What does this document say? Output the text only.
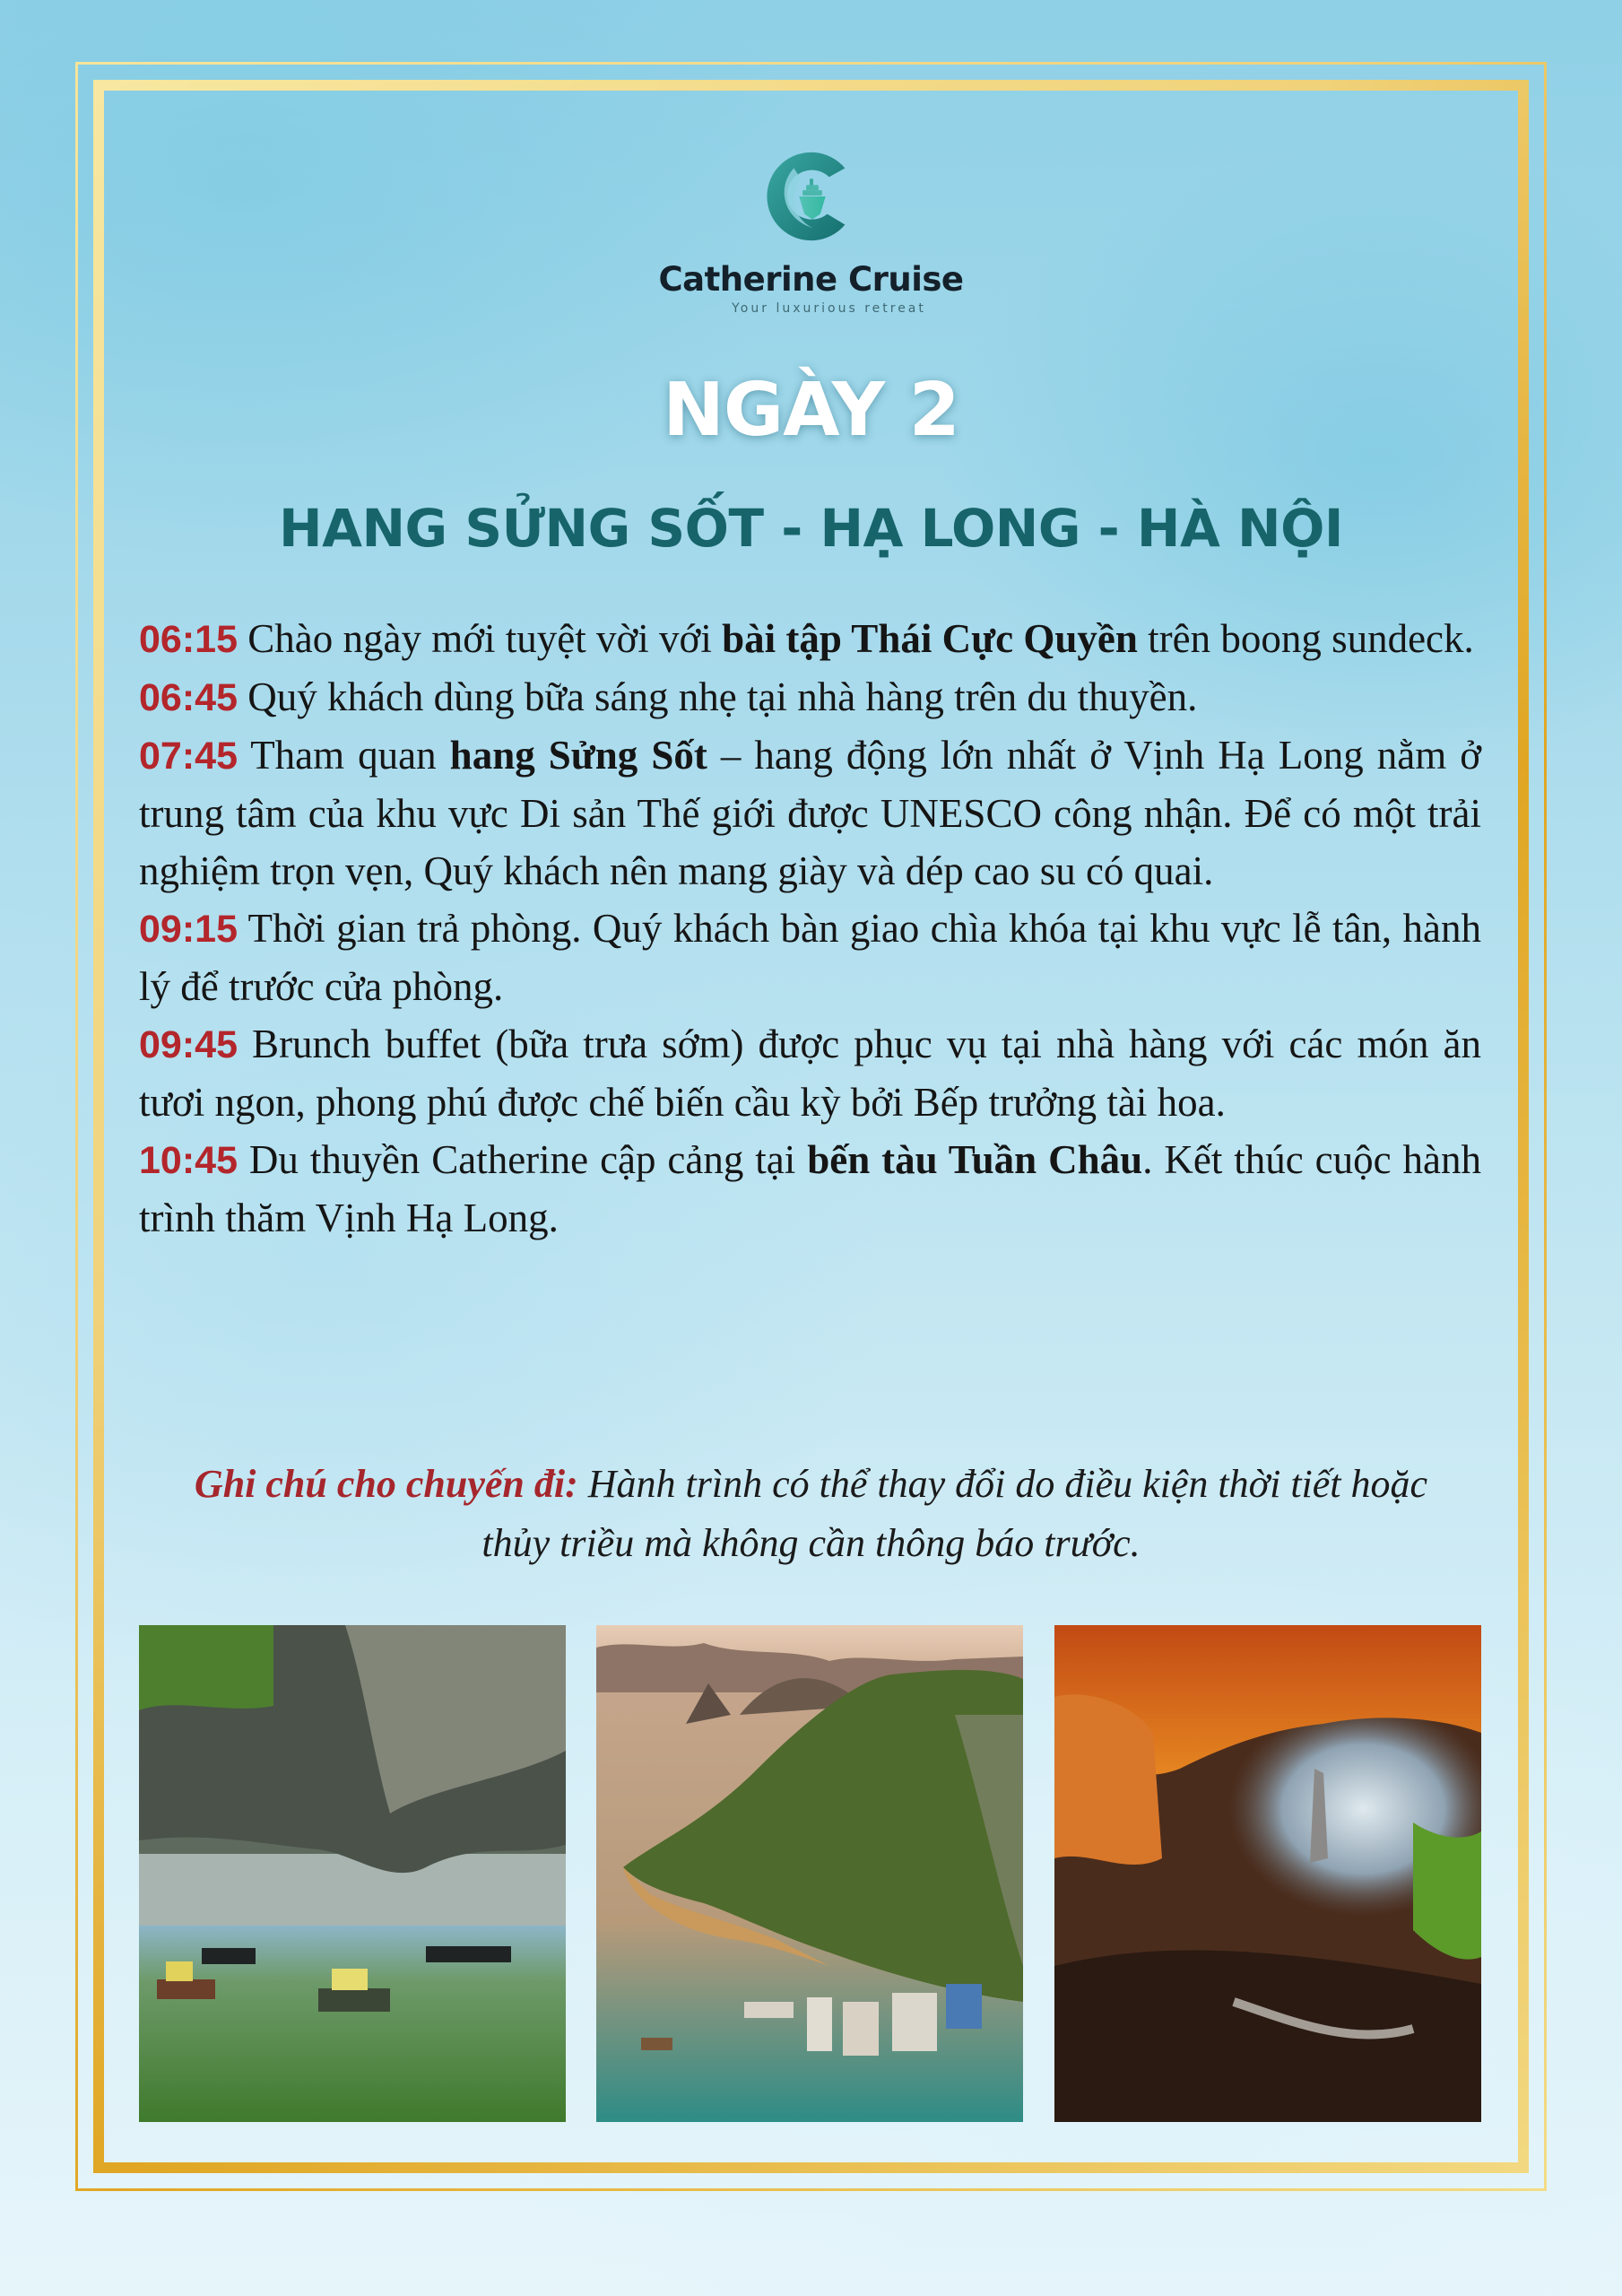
Catherine Cruise
Your luxurious retreat
NGÀY 2
HANG SỬNG SỐT - HẠ LONG - HÀ NỘI

06:15 Chào ngày mới tuyệt vời với bài tập Thái Cực Quyền trên boong sundeck.

06:45 Quý khách dùng bữa sáng nhẹ tại nhà hàng trên du thuyền.

07:45 Tham quan hang Sửng Sốt – hang động lớn nhất ở Vịnh Hạ Long nằm ở trung tâm của khu vực Di sản Thế giới được UNESCO công nhận. Để có một trải nghiệm trọn vẹn, Quý khách nên mang giày và dép cao su có quai.

09:15 Thời gian trả phòng. Quý khách bàn giao chìa khóa tại khu vực lễ tân, hành lý để trước cửa phòng.

09:45 Brunch buffet (bữa trưa sớm) được phục vụ tại nhà hàng với các món ăn tươi ngon, phong phú được chế biến cầu kỳ bởi Bếp trưởng tài hoa.

10:45 Du thuyền Catherine cập cảng tại bến tàu Tuần Châu. Kết thúc cuộc hành trình thăm Vịnh Hạ Long.

Ghi chú cho chuyến đi: Hành trình có thể thay đổi do điều kiện thời tiết hoặc thủy triều mà không cần thông báo trước.
